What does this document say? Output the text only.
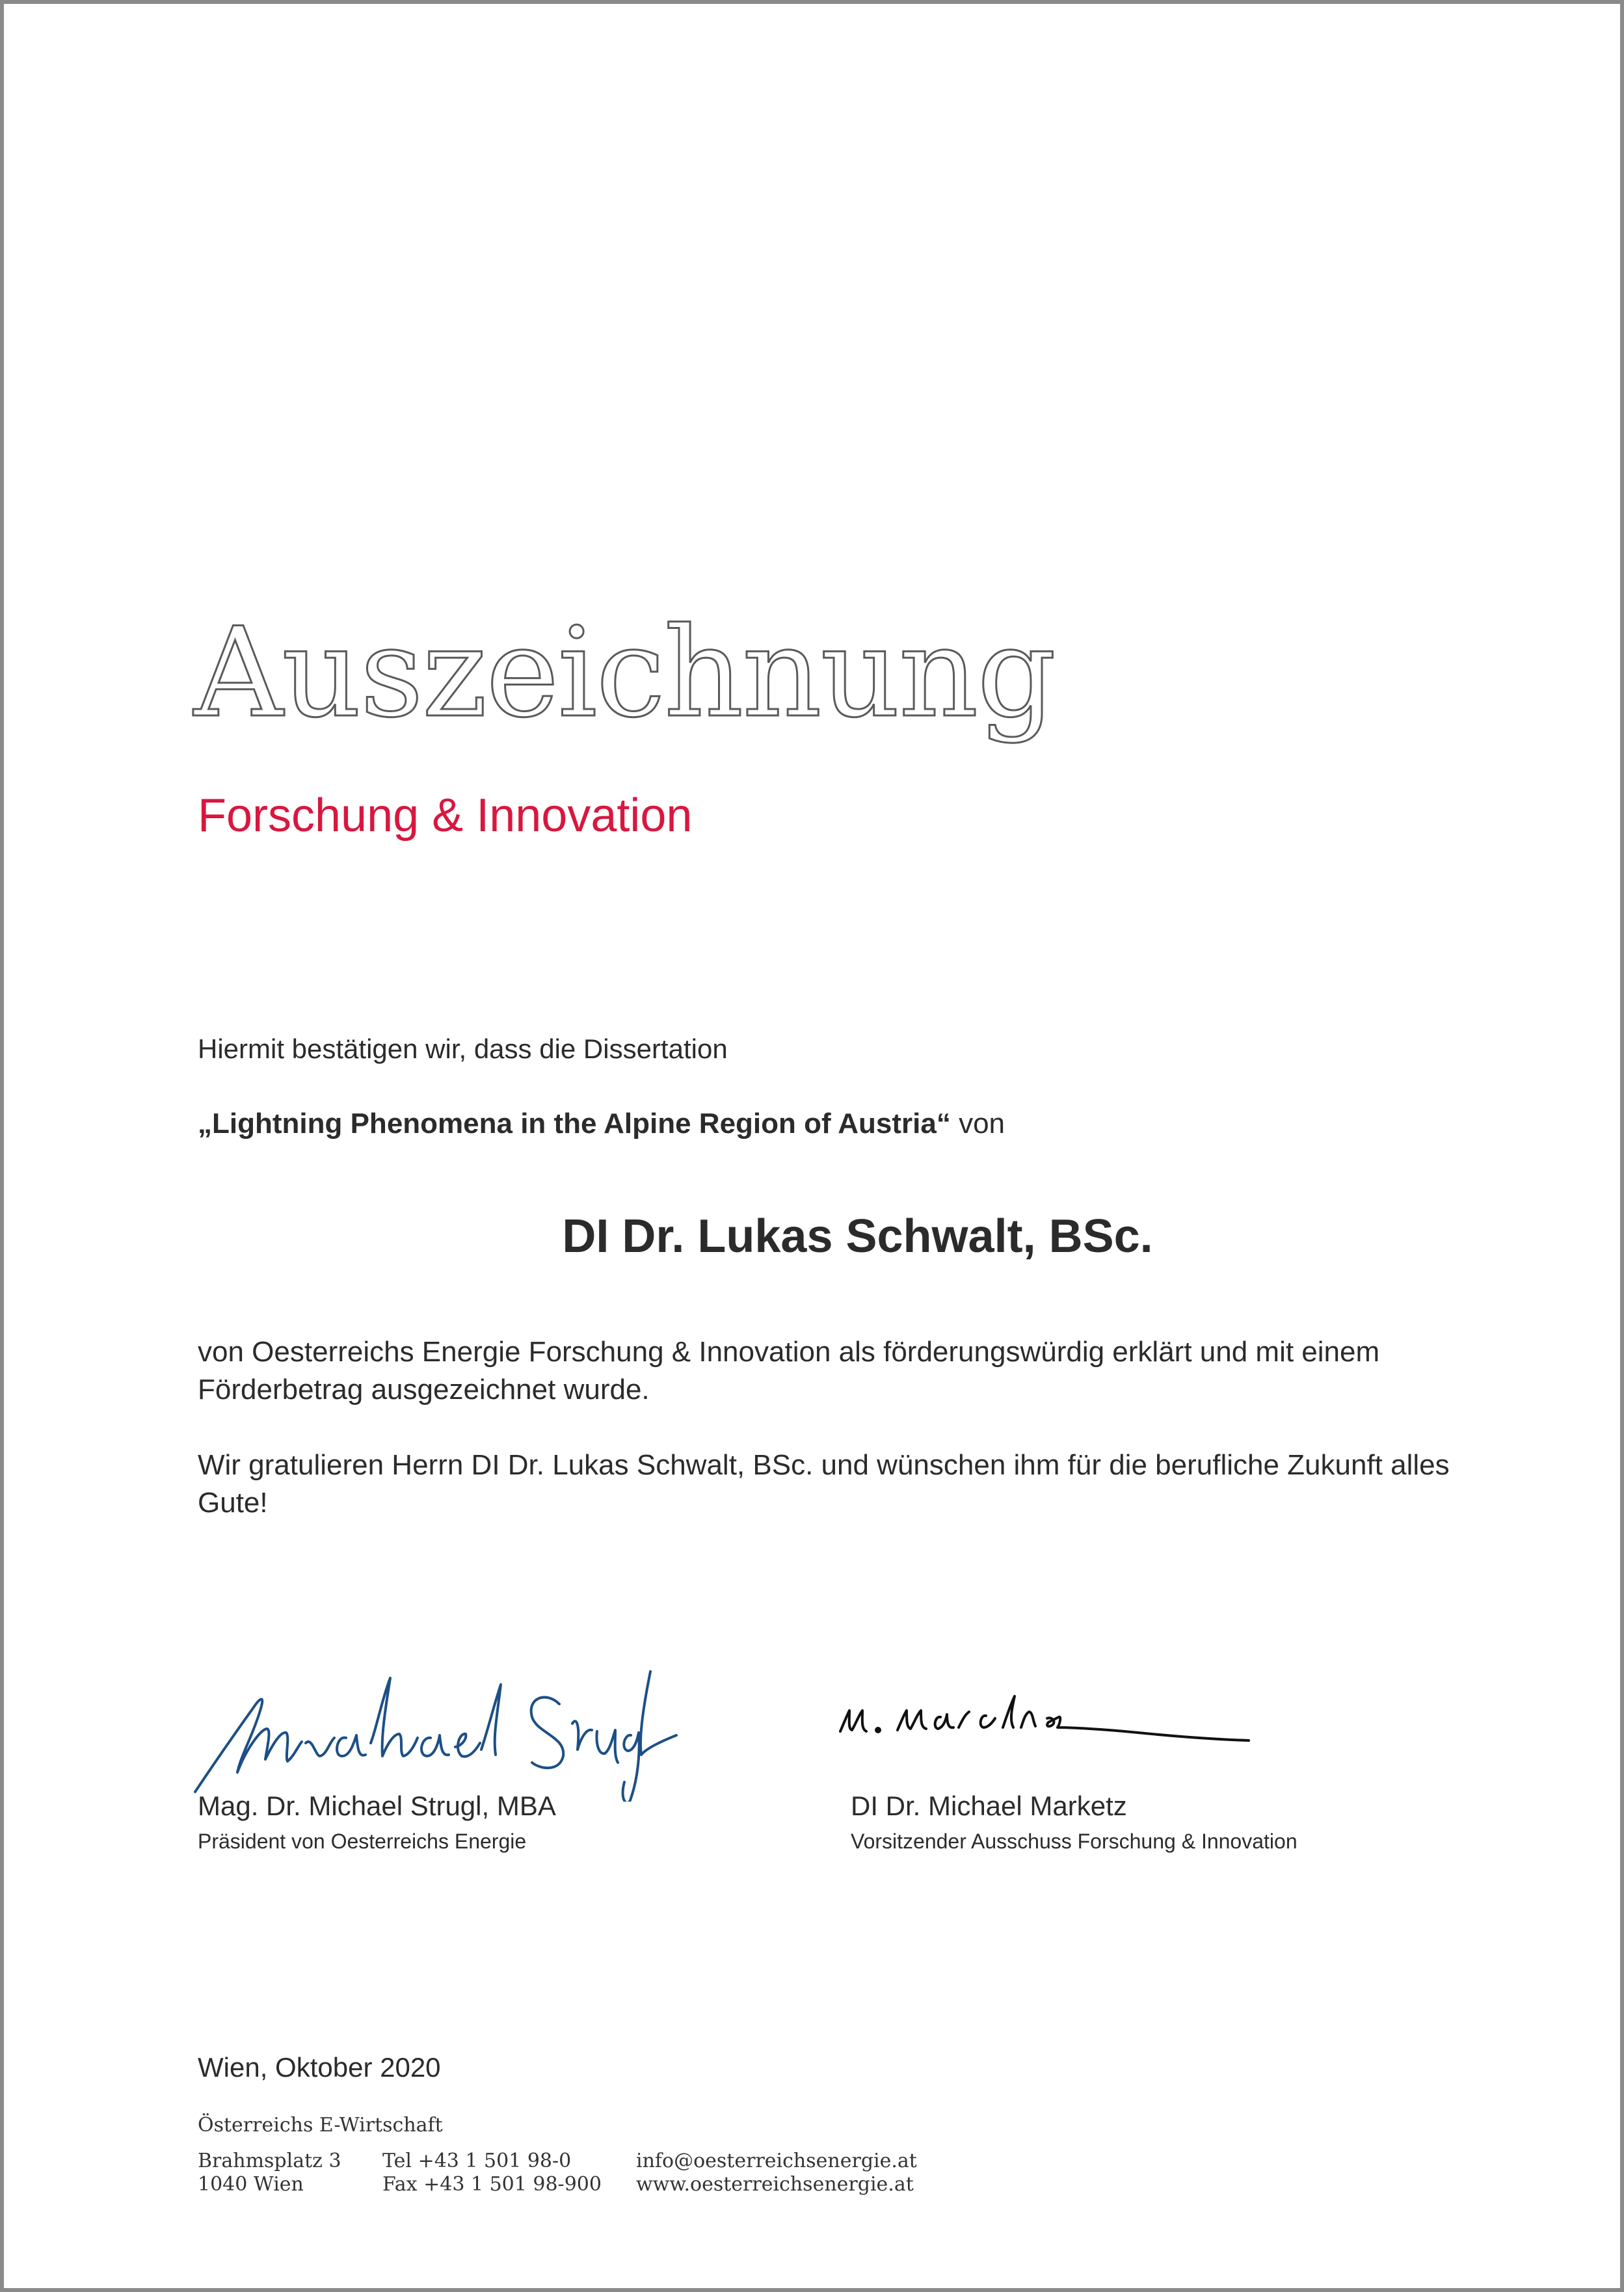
Auszeichnung
Forschung & Innovation
Hiermit bestätigen wir, dass die Dissertation
„Lightning Phenomena in the Alpine Region of Austria“ von
DI Dr. Lukas Schwalt, BSc.
von Oesterreichs Energie Forschung & Innovation als förderungswürdig erklärt und mit einem Förderbetrag ausgezeichnet wurde.
Wir gratulieren Herrn DI Dr. Lukas Schwalt, BSc. und wünschen ihm für die berufliche Zukunft alles Gute!
Mag. Dr. Michael Strugl, MBA
Präsident von Oesterreichs Energie
DI Dr. Michael Marketz
Vorsitzender Ausschuss Forschung & Innovation
Wien, Oktober 2020
Österreichs E-Wirtschaft
Brahmsplatz 3
1040 Wien
Tel +43 1 501 98-0
Fax +43 1 501 98-900
info@oesterreichsenergie.at
www.oesterreichsenergie.at
